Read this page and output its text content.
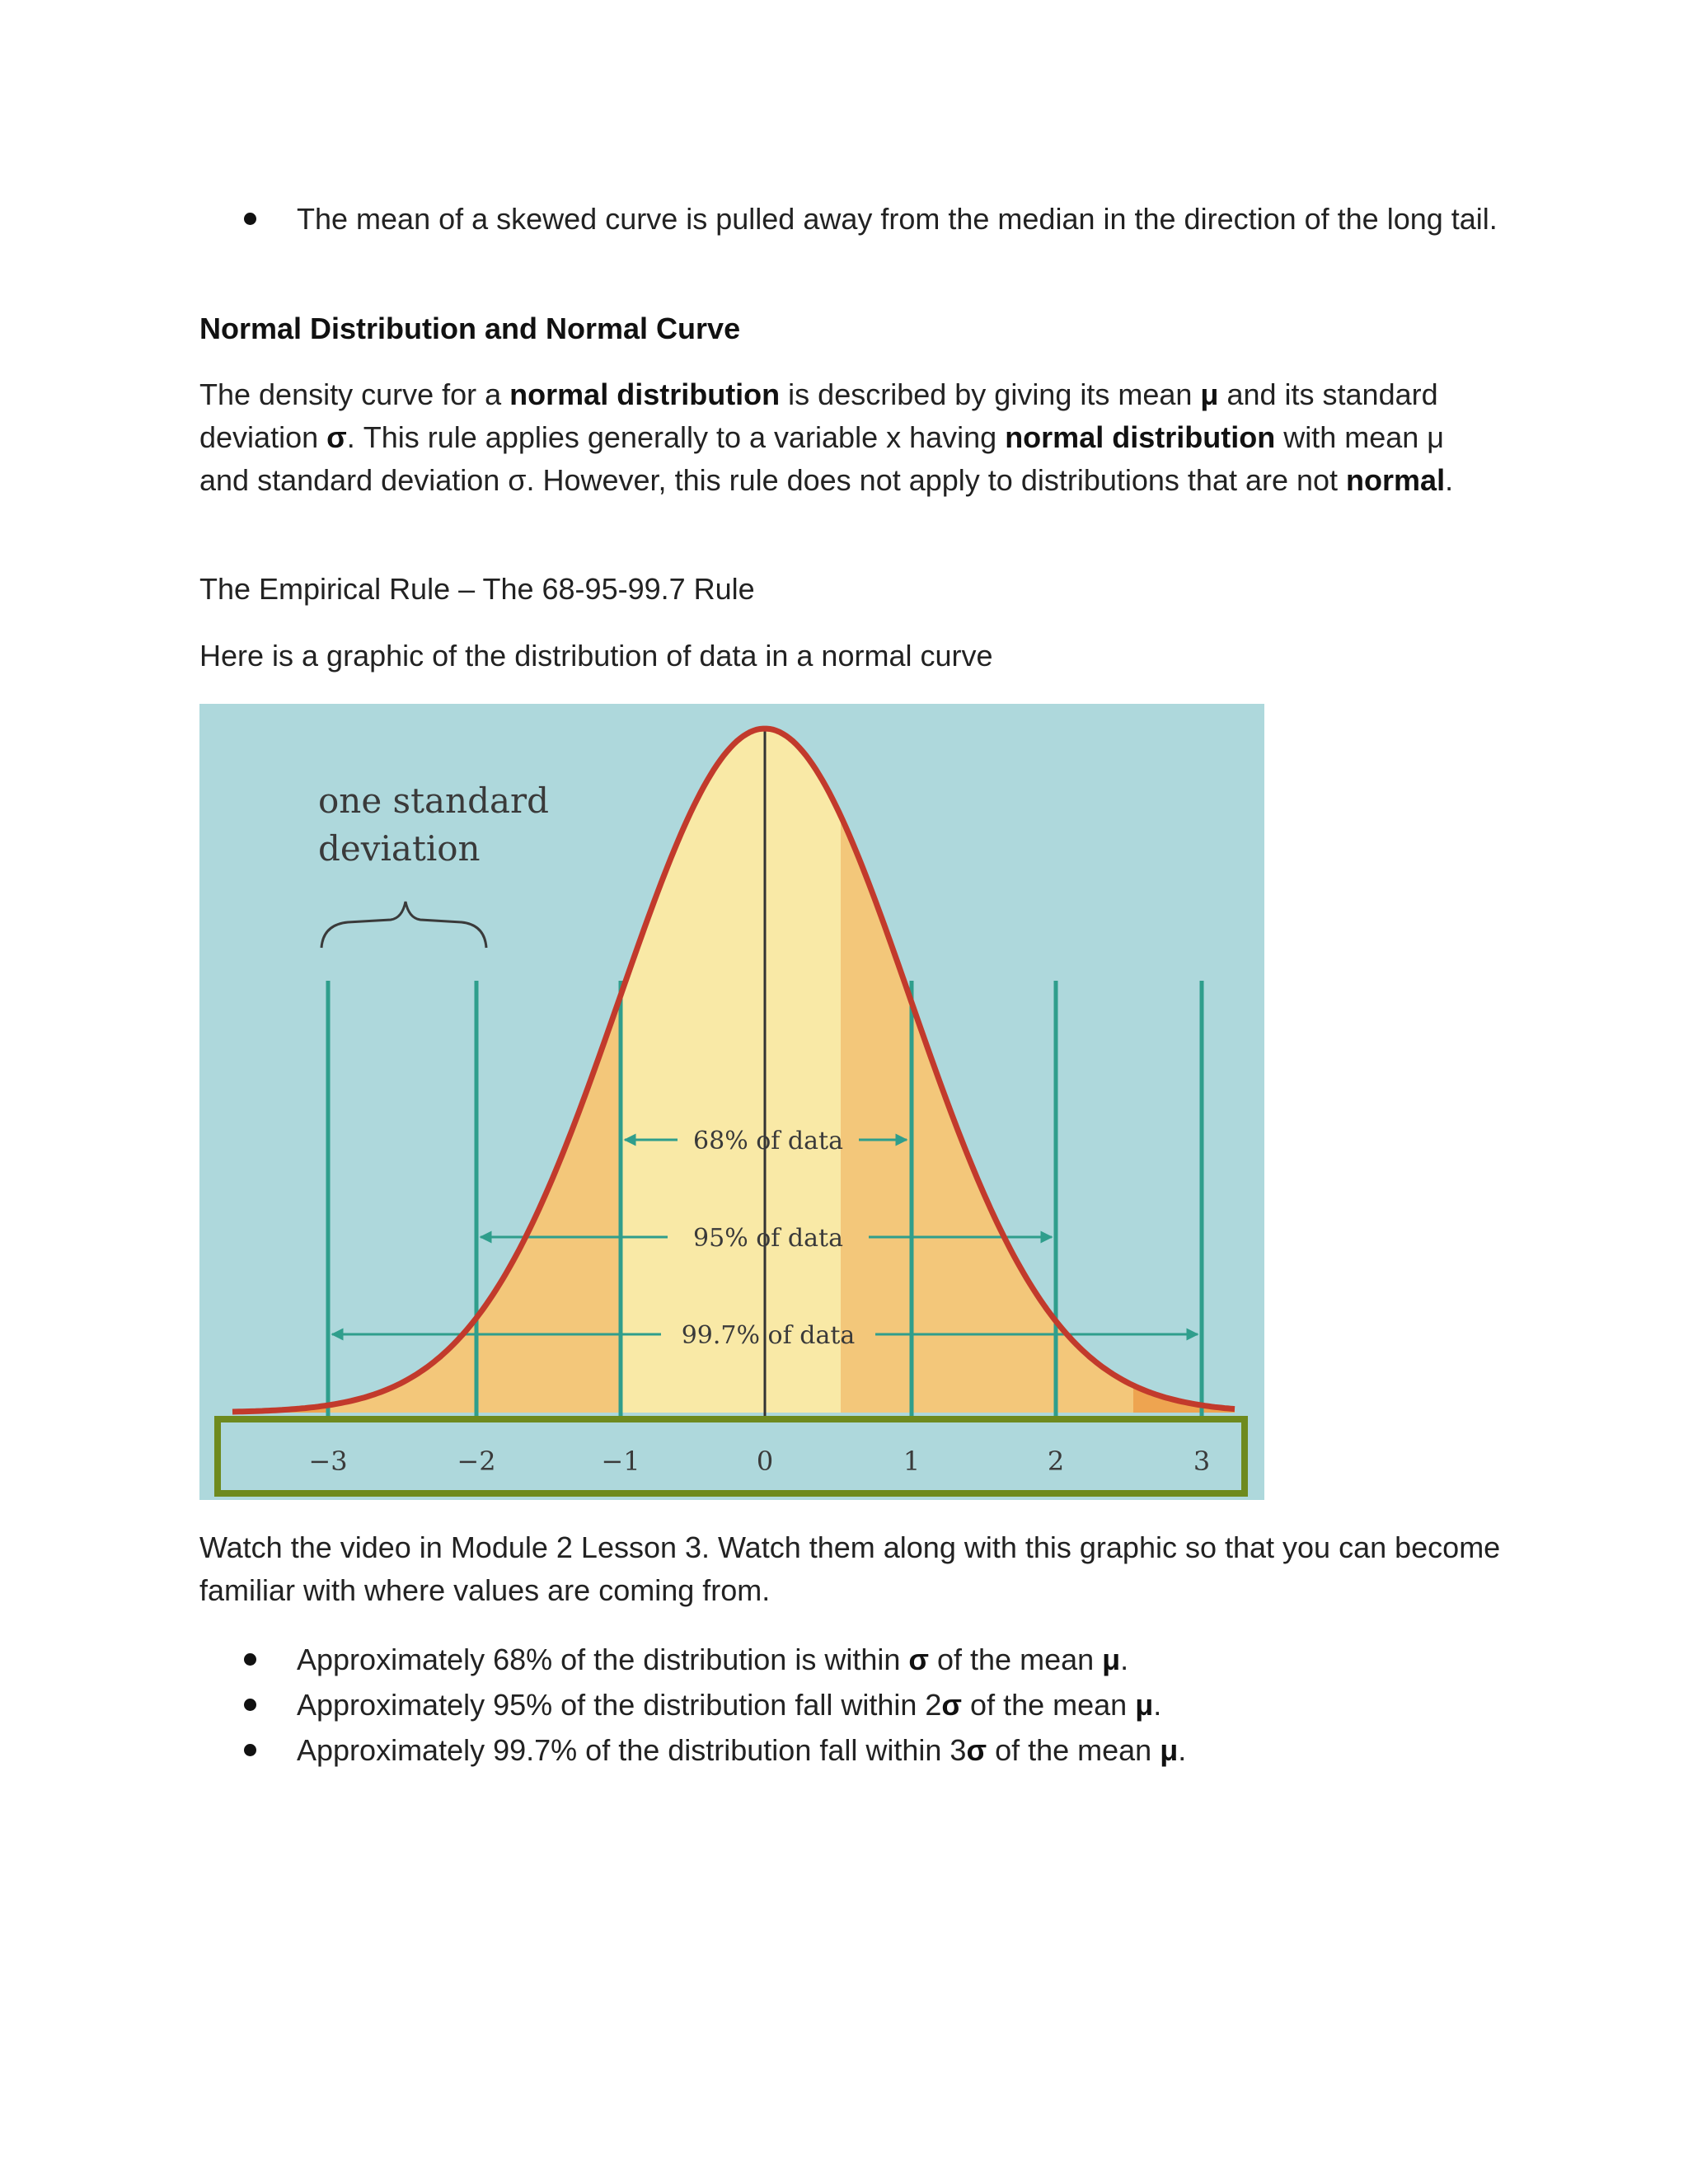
The mean of a skewed curve is pulled away from the median in the direction of the long tail.

Normal Distribution and Normal Curve

The density curve for a normal distribution is described by giving its mean μ and its standard deviation σ. This rule applies generally to a variable x having normal distribution with mean μ and standard deviation σ. However, this rule does not apply to distributions that are not normal.

The Empirical Rule – The 68-95-99.7 Rule

Here is a graphic of the distribution of data in a normal curve

68% of data
95% of data
99.7% of data
−3	−2	−1	0	1	2	3
one standard
deviation

Watch the video in Module 2 Lesson 3. Watch them along with this graphic so that you can become familiar with where values are coming from.

Approximately 68% of the distribution is within σ of the mean μ.
Approximately 95% of the distribution fall within 2σ of the mean μ.
Approximately 99.7% of the distribution fall within 3σ of the mean μ.
